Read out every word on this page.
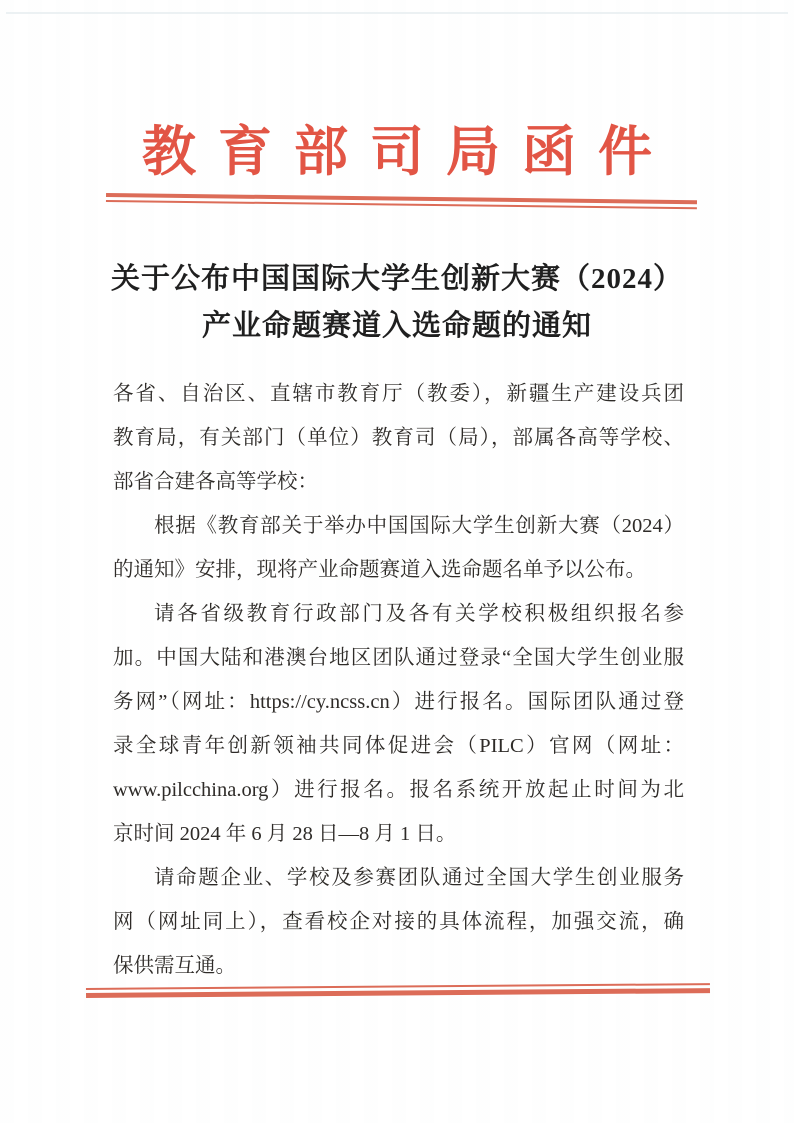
教育部司局函件
关于公布中国国际大学生创新大赛（2024）
产业命题赛道入选命题的通知

各省、自治区、直辖市教育厅（教委），新疆生产建设兵团
教育局，有关部门（单位）教育司（局），部属各高等学校、
部省合建各高等学校：

根据《教育部关于举办中国国际大学生创新大赛（2024）
的通知》安排，现将产业命题赛道入选命题名单予以公布。

请各省级教育行政部门及各有关学校积极组织报名参
加。中国大陆和港澳台地区团队通过登录“全国大学生创业服
务网”（网址：https://cy.ncss.cn）进行报名。国际团队通过登
录全球青年创新领袖共同体促进会（PILC）官网（网址：
www.pilcchina.org）进行报名。报名系统开放起止时间为北
京时间 2024 年 6 月 28 日—8 月 1 日。

请命题企业、学校及参赛团队通过全国大学生创业服务
网（网址同上），查看校企对接的具体流程，加强交流，确
保供需互通。
